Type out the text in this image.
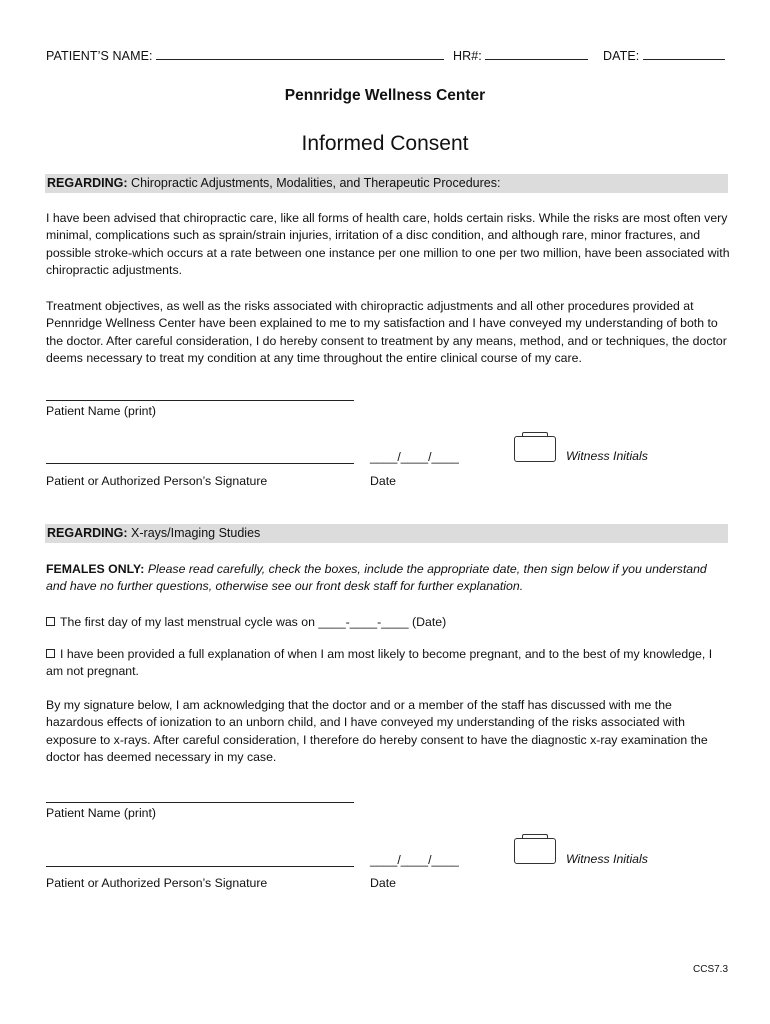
PATIENT’S NAME:	HR#:	DATE:
Pennridge Wellness Center
Informed Consent
REGARDING: Chiropractic Adjustments, Modalities, and Therapeutic Procedures:
I have been advised that chiropractic care, like all forms of health care, holds certain risks. While the risks are most often very minimal, complications such as sprain/strain injuries, irritation of a disc condition, and although rare, minor fractures, and possible stroke-which occurs at a rate between one instance per one million to one per two million, have been associated with chiropractic adjustments.
Treatment objectives, as well as the risks associated with chiropractic adjustments and all other procedures provided at Pennridge Wellness Center have been explained to me to my satisfaction and I have conveyed my understanding of both to the doctor. After careful consideration, I do hereby consent to treatment by any means, method, and or techniques, the doctor deems necessary to treat my condition at any time throughout the entire clinical course of my care.
Patient Name (print)
____/____/____	Witness Initials
Patient or Authorized Person’s Signature	Date
REGARDING: X-rays/Imaging Studies
FEMALES ONLY: Please read carefully, check the boxes, include the appropriate date, then sign below if you understand and have no further questions, otherwise see our front desk staff for further explanation.
The first day of my last menstrual cycle was on ____-____-____ (Date)
I have been provided a full explanation of when I am most likely to become pregnant, and to the best of my knowledge, I am not pregnant.
By my signature below, I am acknowledging that the doctor and or a member of the staff has discussed with me the hazardous effects of ionization to an unborn child, and I have conveyed my understanding of the risks associated with exposure to x-rays. After careful consideration, I therefore do hereby consent to have the diagnostic x-ray examination the doctor has deemed necessary in my case.
Patient Name (print)
____/____/____	Witness Initials
Patient or Authorized Person’s Signature	Date
CCS7.3
